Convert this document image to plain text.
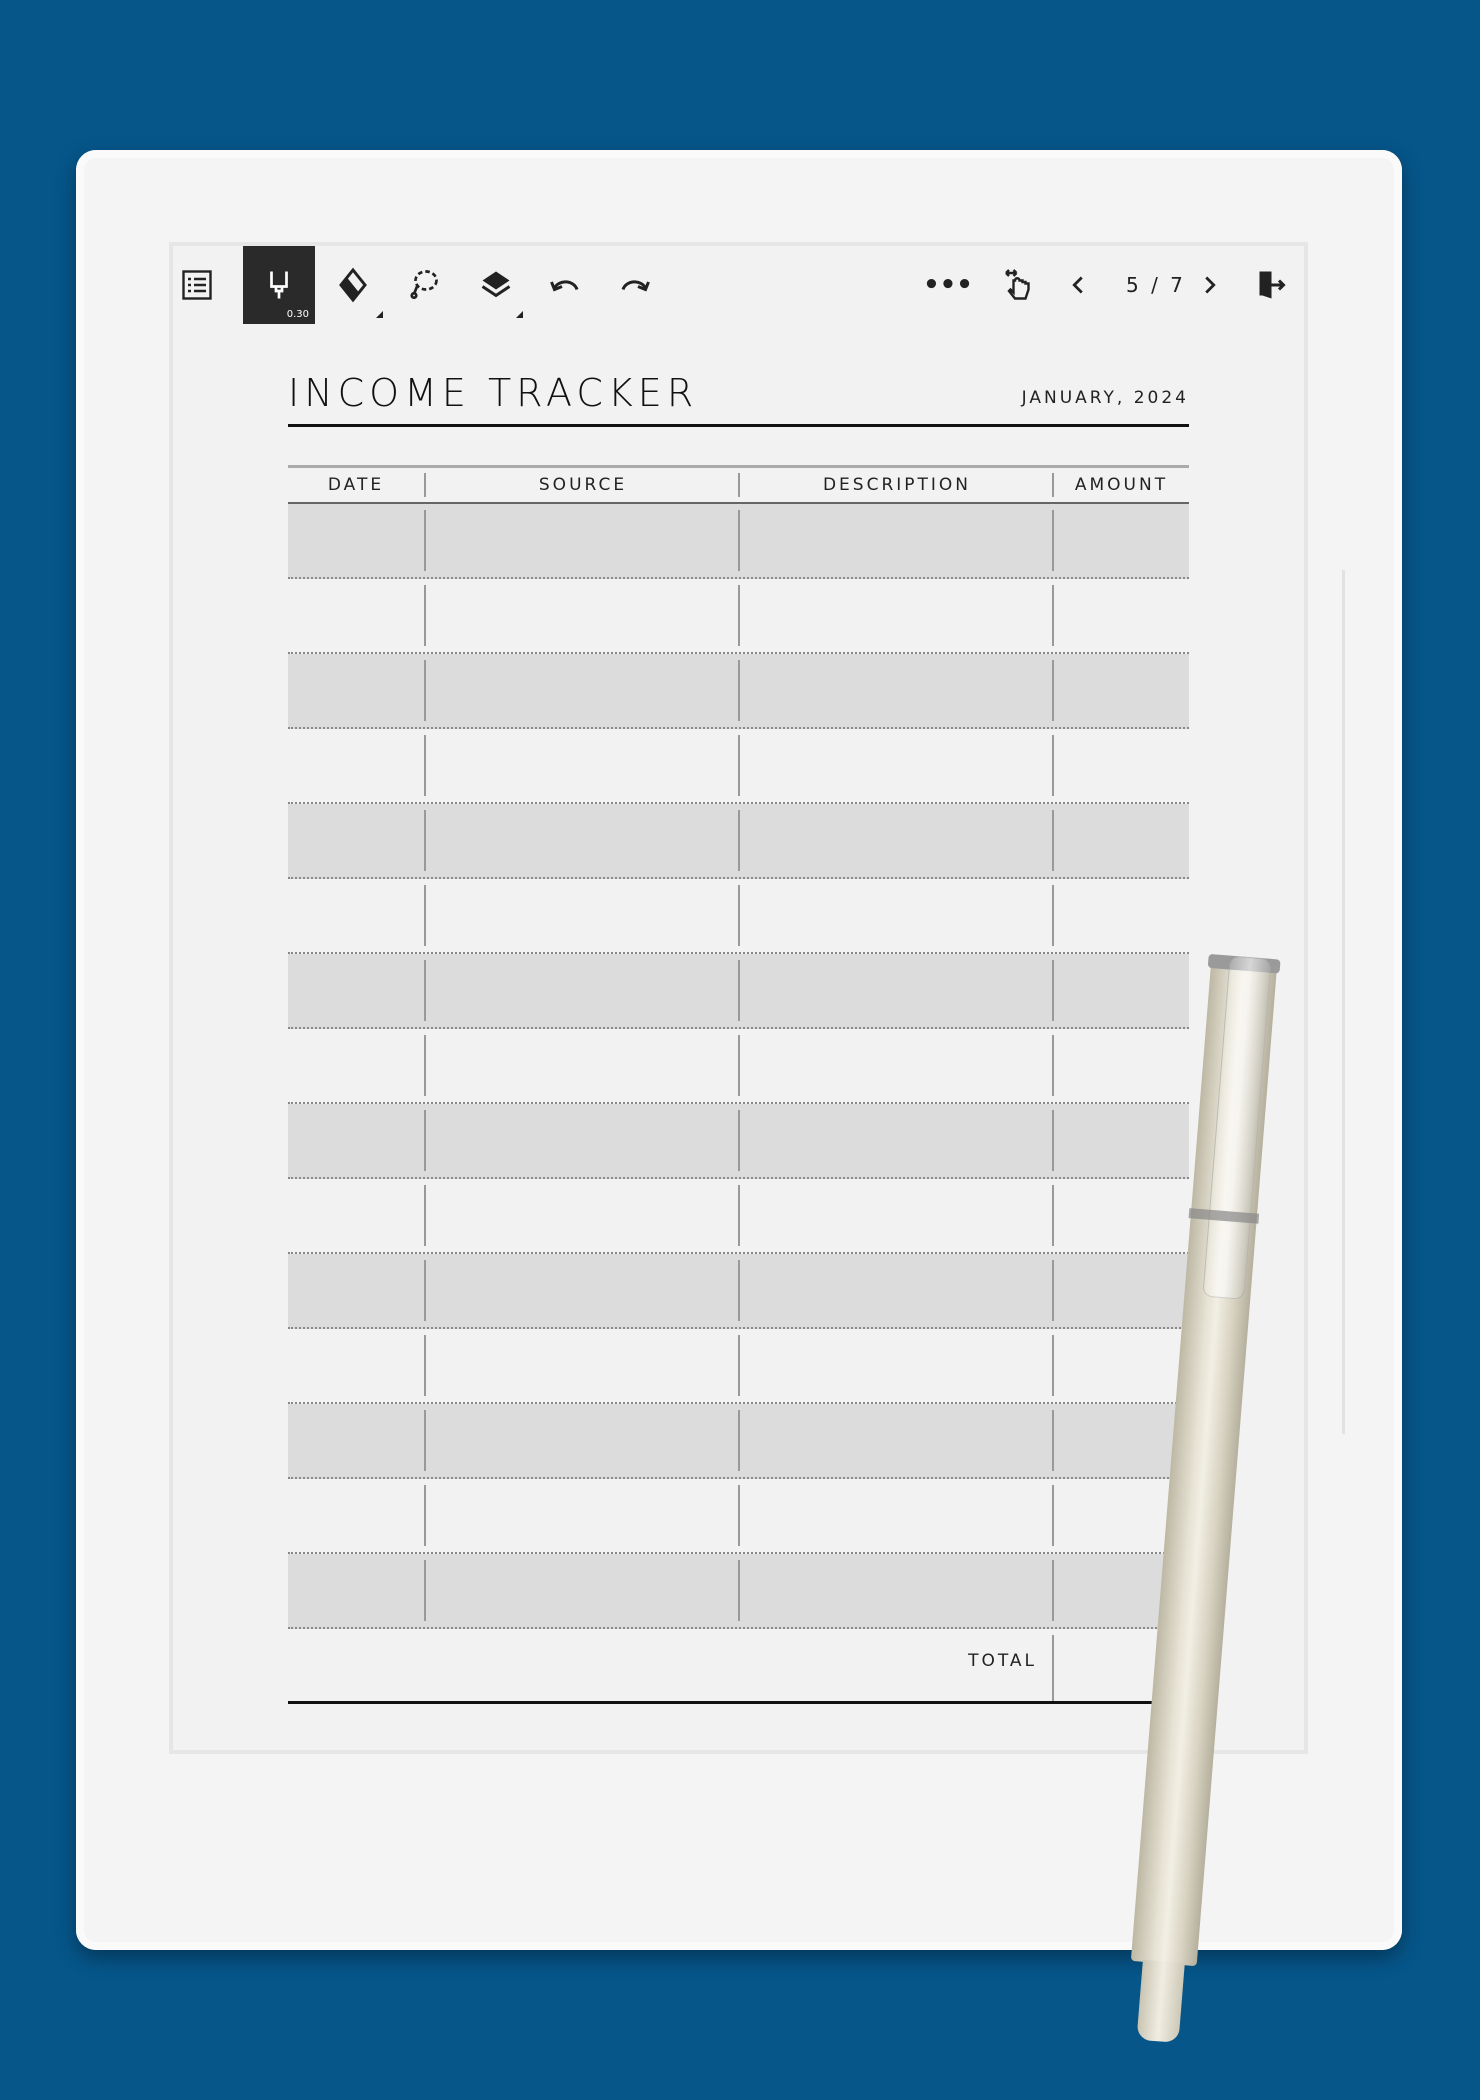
0.30
•••	5 / 7
INCOME TRACKER	JANUARY, 2024
DATE	SOURCE	DESCRIPTION	AMOUNT
TOTAL
